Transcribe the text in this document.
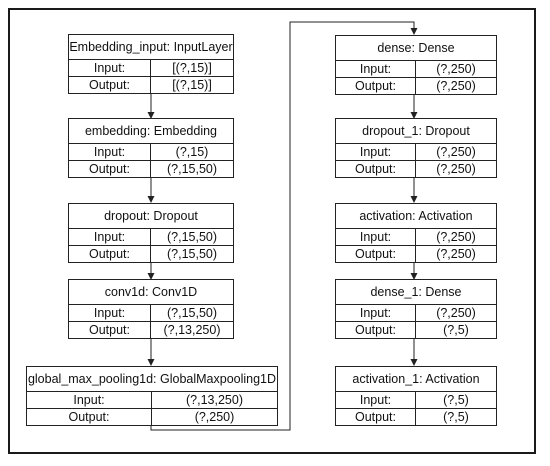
Embedding_input: InputLayer
Input:	[(?,15)]
Output:	[(?,15)]
embedding: Embedding
Input:	(?,15)
Output:	(?,15,50)
dropout: Dropout
Input:	(?,15,50)
Output:	(?,15,50)
conv1d: Conv1D
Input:	(?,15,50)
Output:	(?,13,250)
global_max_pooling1d: GlobalMaxpooling1D
Input:	(?,13,250)
Output:	(?,250)
dense: Dense
Input:	(?,250)
Output:	(?,250)
dropout_1: Dropout
Input:	(?,250)
Output:	(?,250)
activation: Activation
Input:	(?,250)
Output:	(?,250)
dense_1: Dense
Input:	(?,250)
Output:	(?,5)
activation_1: Activation
Input:	(?,5)
Output:	(?,5)
